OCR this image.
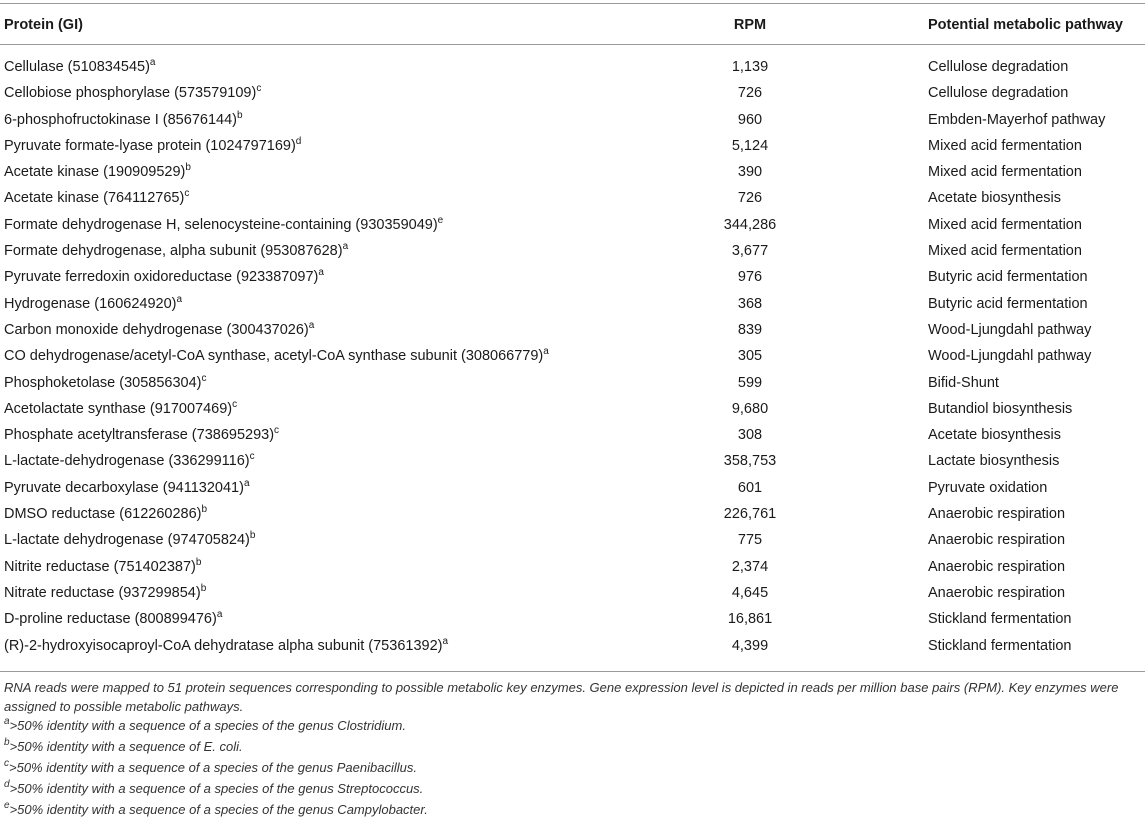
Protein (GI)	RPM	Potential metabolic pathway
Cellulase $(510834545)^a$	1,139	Cellulose degradation
Cellobiose phosphorylase $(573579109)^c$	726	Cellulose degradation
6-phosphofructokinase I $(85676144)^b$	960	Embden-Mayerhof pathway
Pyruvate formate-lyase protein $(1024797169)^d$	5,124	Mixed acid fermentation
Acetate kinase $(190909529)^b$	390	Mixed acid fermentation
Acetate kinase $(764112765)^c$	726	Acetate biosynthesis
Formate dehydrogenase H, selenocysteine-containing $(930359049)^e$	344,286	Mixed acid fermentation
Formate dehydrogenase, alpha subunit $(953087628)^a$	3,677	Mixed acid fermentation
Pyruvate ferredoxin oxidoreductase $(923387097)^a$	976	Butyric acid fermentation
Hydrogenase $(160624920)^a$	368	Butyric acid fermentation
Carbon monoxide dehydrogenase $(300437026)^a$	839	Wood-Ljungdahl pathway
CO dehydrogenase/acetyl-CoA synthase, acetyl-CoA synthase subunit $(308066779)^a$	305	Wood-Ljungdahl pathway
Phosphoketolase $(305856304)^c$	599	Bifid-Shunt
Acetolactate synthase $(917007469)^c$	9,680	Butandiol biosynthesis
Phosphate acetyltransferase $(738695293)^c$	308	Acetate biosynthesis
L-lactate-dehydrogenase $(336299116)^c$	358,753	Lactate biosynthesis
Pyruvate decarboxylase $(941132041)^a$	601	Pyruvate oxidation
DMSO reductase $(612260286)^b$	226,761	Anaerobic respiration
L-lactate dehydrogenase $(974705824)^b$	775	Anaerobic respiration
Nitrite reductase $(751402387)^b$	2,374	Anaerobic respiration
Nitrate reductase $(937299854)^b$	4,645	Anaerobic respiration
D-proline reductase $(800899476)^a$	16,861	Stickland fermentation
(R)-2-hydroxyisocaproyl-CoA dehydratase alpha subunit $(75361392)^a$	4,399	Stickland fermentation
RNA reads were mapped to 51 protein sequences corresponding to possible metabolic key enzymes. Gene expression level is depicted in reads per million base pairs (RPM). Key enzymes were assigned to possible metabolic pathways.
$^a$>50% identity with a sequence of a species of the genus Clostridium.
$^b$>50% identity with a sequence of E. coli.
$^c$>50% identity with a sequence of a species of the genus Paenibacillus.
$^d$>50% identity with a sequence of a species of the genus Streptococcus.
$^e$>50% identity with a sequence of a species of the genus Campylobacter.
